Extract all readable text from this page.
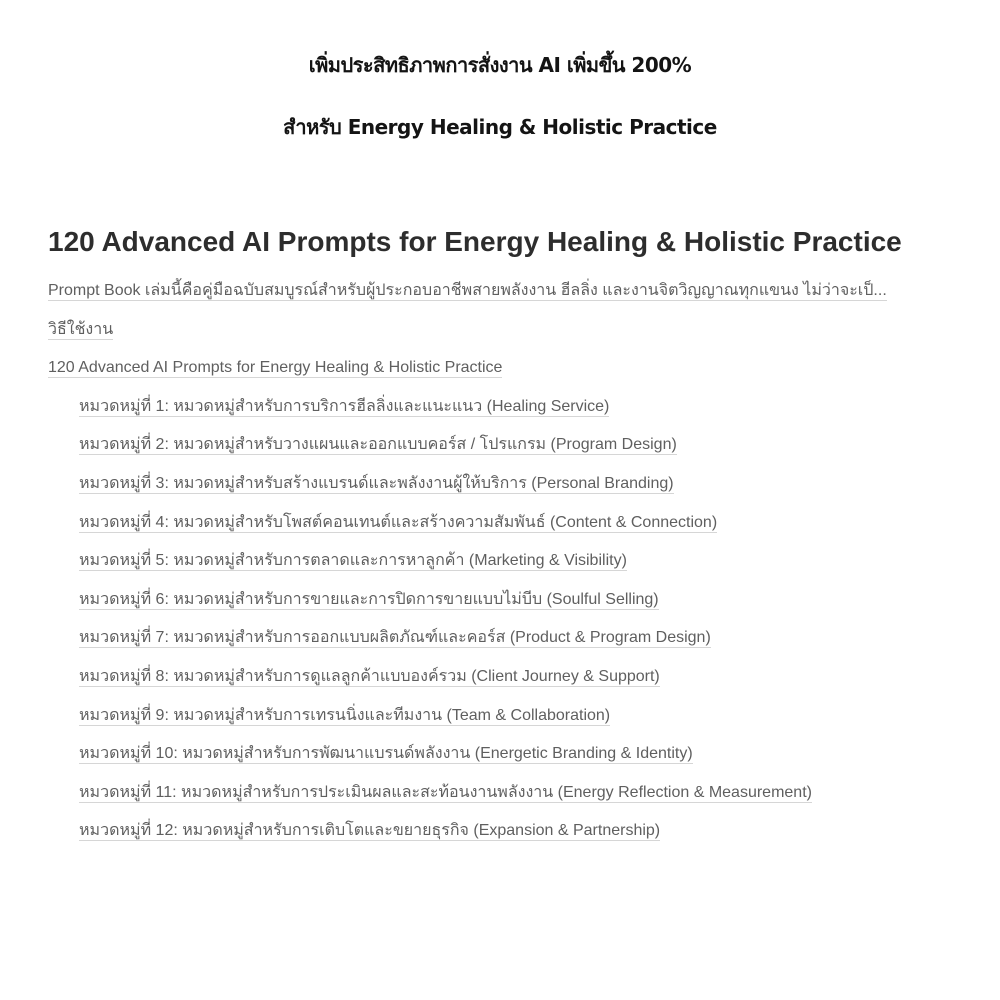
เพิ่มประสิทธิภาพการสั่งงาน AI เพิ่มขึ้น 200%
สำหรับ Energy Healing & Holistic Practice
120 Advanced AI Prompts for Energy Healing & Holistic Practice
Prompt Book เล่มนี้คือคู่มือฉบับสมบูรณ์สำหรับผู้ประกอบอาชีพสายพลังงาน ฮีลลิ่ง และงานจิตวิญญาณทุกแขนง ไม่ว่าจะเป็...
วิธีใช้งาน
120 Advanced AI Prompts for Energy Healing & Holistic Practice
หมวดหมู่ที่ 1: หมวดหมู่สำหรับการบริการฮีลลิ่งและแนะแนว (Healing Service)
หมวดหมู่ที่ 2: หมวดหมู่สำหรับวางแผนและออกแบบคอร์ส / โปรแกรม (Program Design)
หมวดหมู่ที่ 3: หมวดหมู่สำหรับสร้างแบรนด์และพลังงานผู้ให้บริการ (Personal Branding)
หมวดหมู่ที่ 4: หมวดหมู่สำหรับโพสต์คอนเทนต์และสร้างความสัมพันธ์ (Content & Connection)
หมวดหมู่ที่ 5: หมวดหมู่สำหรับการตลาดและการหาลูกค้า (Marketing & Visibility)
หมวดหมู่ที่ 6: หมวดหมู่สำหรับการขายและการปิดการขายแบบไม่บีบ (Soulful Selling)
หมวดหมู่ที่ 7: หมวดหมู่สำหรับการออกแบบผลิตภัณฑ์และคอร์ส (Product & Program Design)
หมวดหมู่ที่ 8: หมวดหมู่สำหรับการดูแลลูกค้าแบบองค์รวม (Client Journey & Support)
หมวดหมู่ที่ 9: หมวดหมู่สำหรับการเทรนนิ่งและทีมงาน (Team & Collaboration)
หมวดหมู่ที่ 10: หมวดหมู่สำหรับการพัฒนาแบรนด์พลังงาน (Energetic Branding & Identity)
หมวดหมู่ที่ 11: หมวดหมู่สำหรับการประเมินผลและสะท้อนงานพลังงาน (Energy Reflection & Measurement)
หมวดหมู่ที่ 12: หมวดหมู่สำหรับการเติบโตและขยายธุรกิจ (Expansion & Partnership)
